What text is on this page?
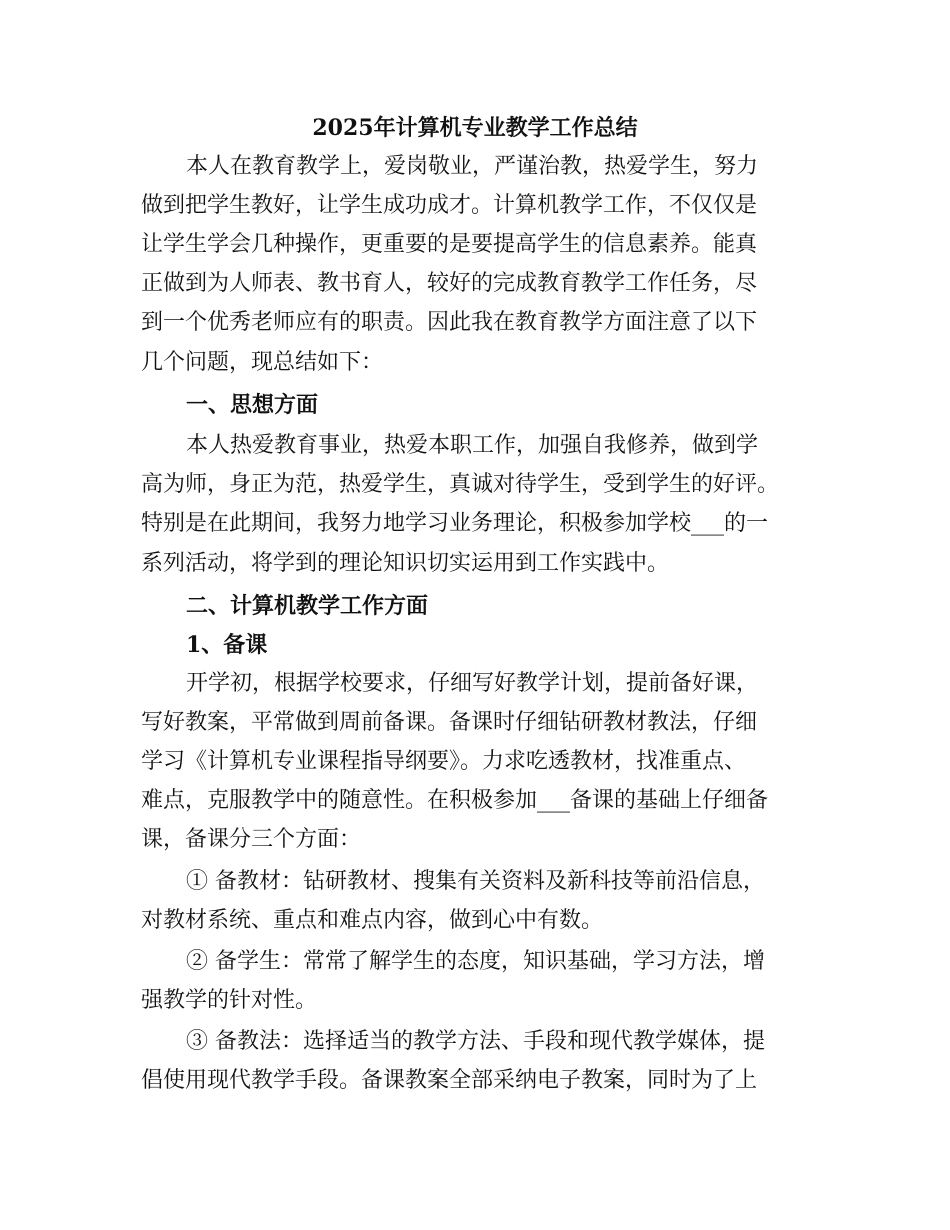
2025年计算机专业教学工作总结
本人在教育教学上，爱岗敬业，严谨治教，热爱学生，努力
做到把学生教好，让学生成功成才。计算机教学工作，不仅仅是
让学生学会几种操作，更重要的是要提高学生的信息素养。能真
正做到为人师表、教书育人，较好的完成教育教学工作任务，尽
到一个优秀老师应有的职责。因此我在教育教学方面注意了以下
几个问题，现总结如下：
一、思想方面
本人热爱教育事业，热爱本职工作，加强自我修养，做到学
高为师，身正为范，热爱学生，真诚对待学生，受到学生的好评。
特别是在此期间，我努力地学习业务理论，积极参加学校___的一
系列活动，将学到的理论知识切实运用到工作实践中。
二、计算机教学工作方面
1、备课
开学初，根据学校要求，仔细写好教学计划，提前备好课，
写好教案，平常做到周前备课。备课时仔细钻研教材教法，仔细
学习《计算机专业课程指导纲要》。力求吃透教材，找准重点、
难点，克服教学中的随意性。在积极参加___备课的基础上仔细备
课，备课分三个方面：
① 备教材：钻研教材、搜集有关资料及新科技等前沿信息，
对教材系统、重点和难点内容，做到心中有数。
② 备学生：常常了解学生的态度，知识基础，学习方法，增
强教学的针对性。
③ 备教法：选择适当的教学方法、手段和现代教学媒体，提
倡使用现代教学手段。备课教案全部采纳电子教案，同时为了上
